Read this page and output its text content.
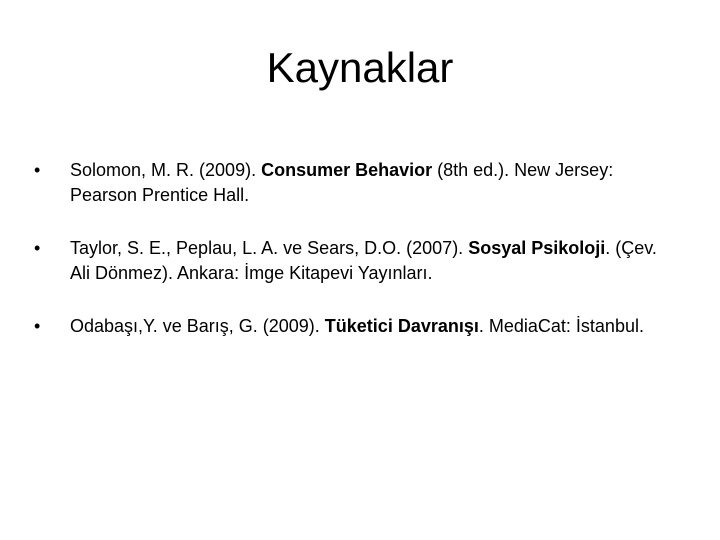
Kaynaklar
•	Solomon, M. R. (2009). Consumer Behavior (8th ed.). New Jersey: Pearson Prentice Hall.
•	Taylor, S. E., Peplau, L. A. ve Sears, D.O. (2007). Sosyal Psikoloji. (Çev. Ali Dönmez). Ankara: İmge Kitapevi Yayınları.
•	Odabaşı,Y. ve Barış, G. (2009). Tüketici Davranışı. MediaCat: İstanbul.
